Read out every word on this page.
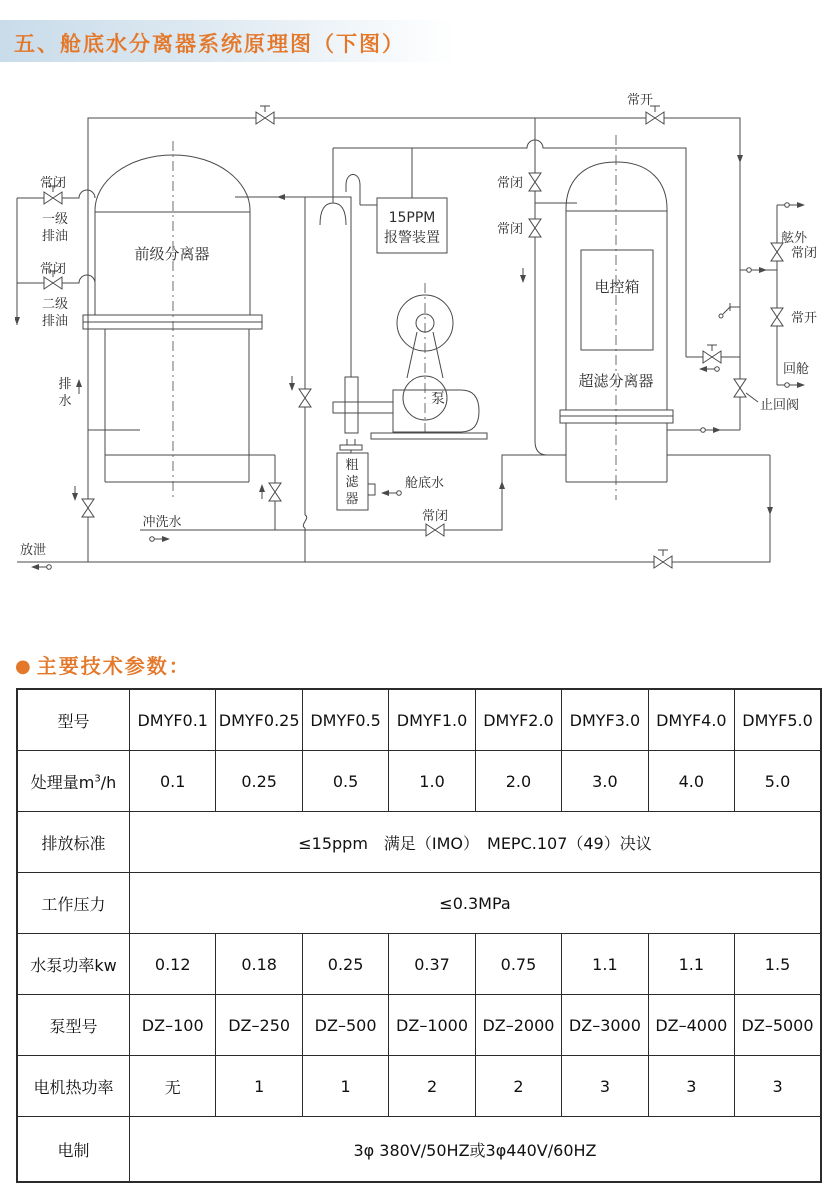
五、舱底水分离器系统原理图（下图）
15PPM
报警装置
电控箱
超滤分离器
泵
粗
滤
器
常开
常闭
一级
排油
常闭
二级
排油
前级分离器
排
水
冲洗水
放泄
舱底水
常闭
常闭
常闭
舷外
常闭
常开
回舱
止回阀
● 主要技术参数：
型号	DMYF0.1	DMYF0.25	DMYF0.5	DMYF1.0	DMYF2.0	DMYF3.0	DMYF4.0	DMYF5.0
处理量$m^3/h$	0.1	0.25	0.5	1.0	2.0	3.0	4.0	5.0
排放标准	≤15ppm　满足（IMO）　MEPC.107（49）决议							
工作压力	≤0.3MPa							
水泵功率kw	0.12	0.18	0.25	0.37	0.75	1.1	1.1	1.5
泵型号	DZ–100	DZ–250	DZ–500	DZ–1000	DZ–2000	DZ–3000	DZ–4000	DZ–5000
电机热功率	无	1	1	2	2	3	3	3
电制	3φ 380V/50HZ或3φ440V/60HZ							
